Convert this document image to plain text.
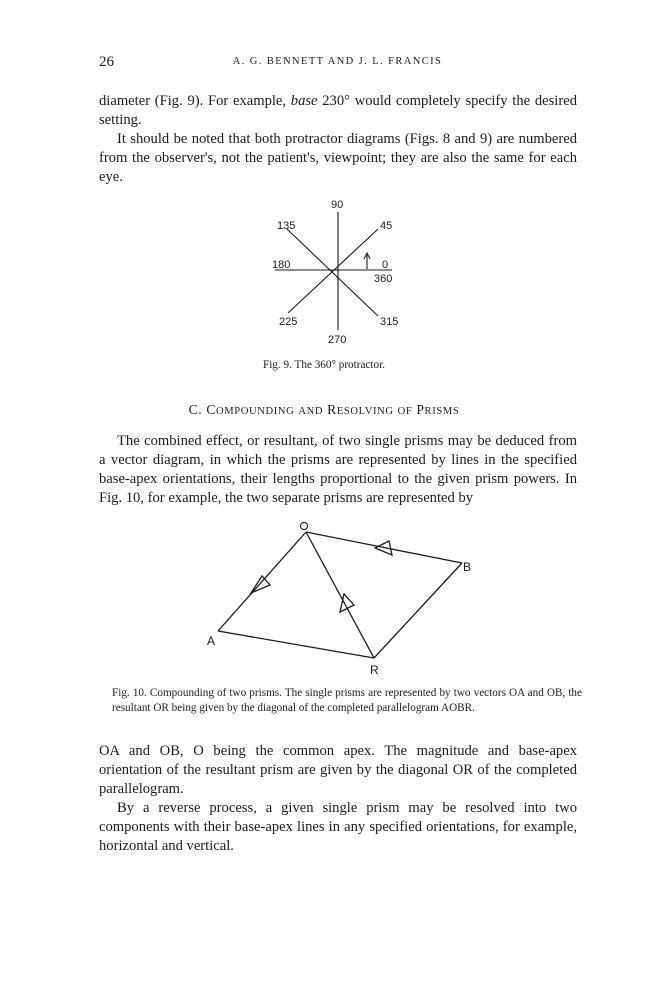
26	A. G. BENNETT AND J. L. FRANCIS

diameter (Fig. 9). For example, base 230° would completely specify the desired setting.

It should be noted that both protractor diagrams (Figs. 8 and 9) are numbered from the observer's, not the patient's, viewpoint; they are also the same for each eye.

90
135	45
180	0
360
225	315
270

Fig. 9. The 360° protractor.

C. COMPOUNDING AND RESOLVING OF PRISMS

The combined effect, or resultant, of two single prisms may be deduced from a vector diagram, in which the prisms are represented by lines in the specified base-apex orientations, their lengths proportional to the given prism powers. In Fig. 10, for example, the two separate prisms are represented by

A
B
R

Fig. 10. Compounding of two prisms. The single prisms are represented by two vectors OA and OB, the resultant OR being given by the diagonal of the completed parallelogram AOBR.

OA and OB, O being the common apex. The magnitude and base-apex orientation of the resultant prism are given by the diagonal OR of the completed parallelogram.

By a reverse process, a given single prism may be resolved into two components with their base-apex lines in any specified orientations, for example, horizontal and vertical.
